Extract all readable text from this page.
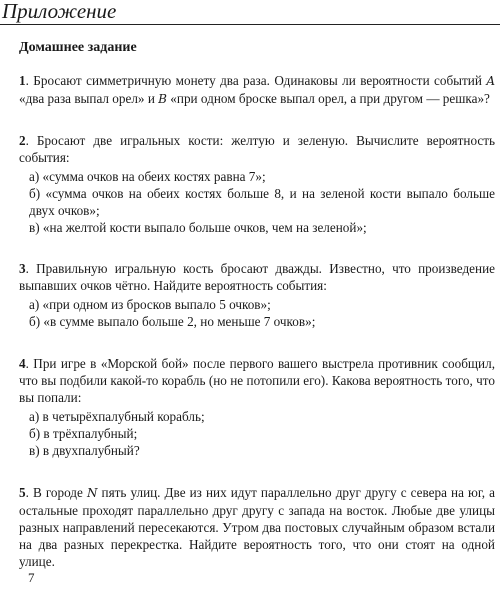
Приложение
Домашнее задание
1. Бросают симметричную монету два раза. Одинаковы ли вероятности событий A «два раза выпал орел» и B «при одном броске выпал орел, а при другом — решка»?
2. Бросают две игральных кости: желтую и зеленую. Вычислите вероятность события:
а) «сумма очков на обеих костях равна 7»;
б) «сумма очков на обеих костях больше 8, и на зеленой кости выпало больше двух очков»;
в) «на желтой кости выпало больше очков, чем на зеленой»;
3. Правильную игральную кость бросают дважды. Известно, что произведение выпавших очков чётно. Найдите вероятность события:
а) «при одном из бросков выпало 5 очков»;
б) «в сумме выпало больше 2, но меньше 7 очков»;
4. При игре в «Морской бой» после первого вашего выстрела противник сообщил, что вы подбили какой-то корабль (но не потопили его). Какова вероятность того, что вы попали:
а) в четырёхпалубный корабль;
б) в трёхпалубный;
в) в двухпалубный?
5. В городе N пять улиц. Две из них идут параллельно друг другу с севера на юг, а остальные проходят параллельно друг другу с запада на восток. Любые две улицы разных направлений пересекаются. Утром два постовых случайным образом встали на два разных перекрестка. Найдите вероятность того, что они стоят на одной улице.
7
